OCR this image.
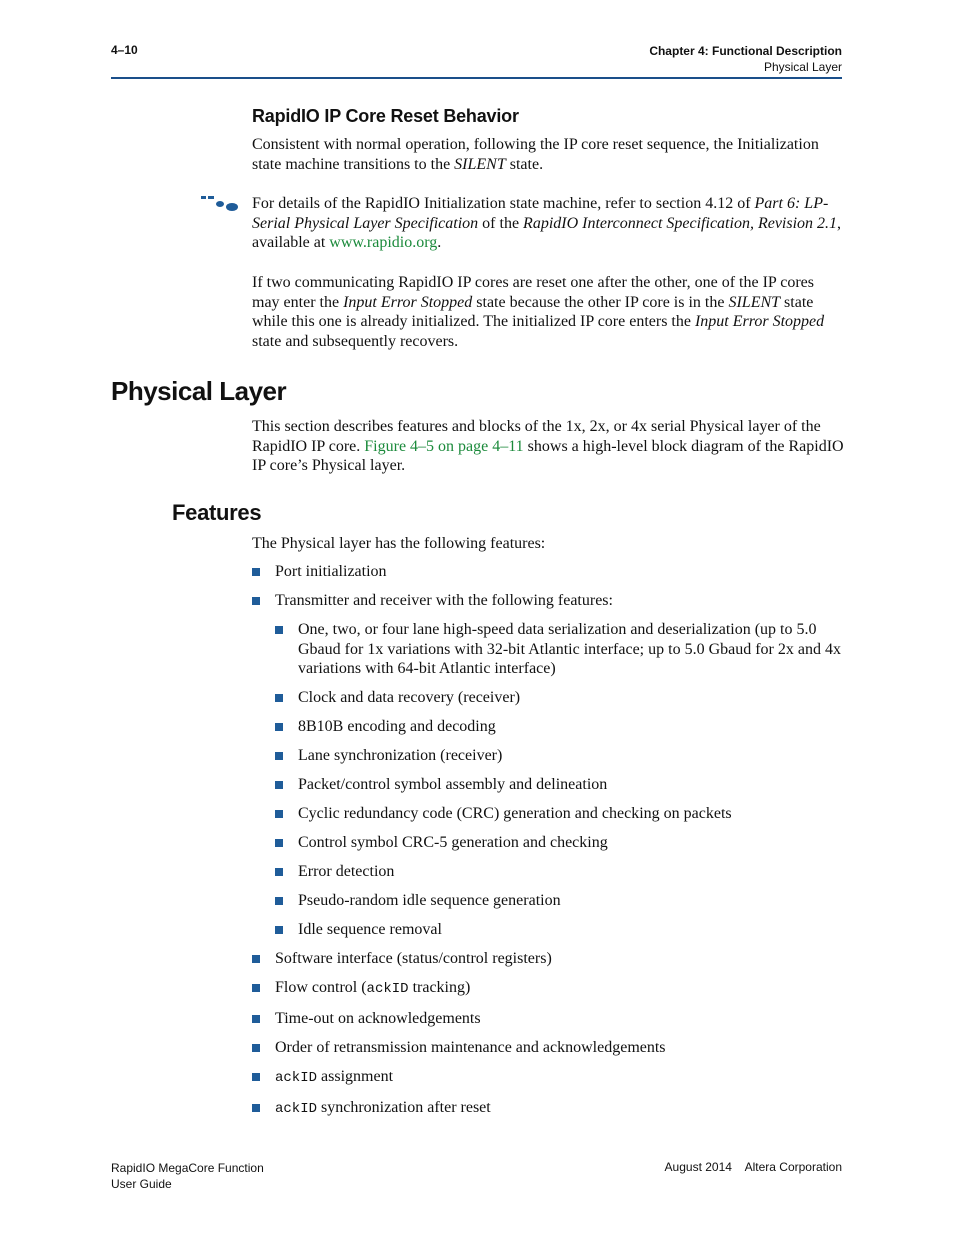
4–10	Chapter 4: Functional Description
Physical Layer
RapidIO IP Core Reset Behavior

Consistent with normal operation, following the IP core reset sequence, the Initialization state machine transitions to the SILENT state.

For details of the RapidIO Initialization state machine, refer to section 4.12 of Part 6: LP-Serial Physical Layer Specification of the RapidIO Interconnect Specification, Revision 2.1, available at www.rapidio.org.

If two communicating RapidIO IP cores are reset one after the other, one of the IP cores may enter the Input Error Stopped state because the other IP core is in the SILENT state while this one is already initialized. The initialized IP core enters the Input Error Stopped state and subsequently recovers.

Physical Layer

This section describes features and blocks of the 1x, 2x, or 4x serial Physical layer of the RapidIO IP core. Figure 4–5 on page 4–11 shows a high-level block diagram of the RapidIO IP core’s Physical layer.

Features

The Physical layer has the following features:

Port initialization
Transmitter and receiver with the following features:
One, two, or four lane high-speed data serialization and deserialization (up to 5.0 Gbaud for 1x variations with 32-bit Atlantic interface; up to 5.0 Gbaud for 2x and 4x variations with 64-bit Atlantic interface)
Clock and data recovery (receiver)
8B10B encoding and decoding
Lane synchronization (receiver)
Packet/control symbol assembly and delineation
Cyclic redundancy code (CRC) generation and checking on packets
Control symbol CRC-5 generation and checking
Error detection
Pseudo-random idle sequence generation
Idle sequence removal
Software interface (status/control registers)
Flow control (ackID tracking)
Time-out on acknowledgements
Order of retransmission maintenance and acknowledgements
ackID assignment
ackID synchronization after reset
RapidIO MegaCore Function
User Guide
August 2014    Altera Corporation
